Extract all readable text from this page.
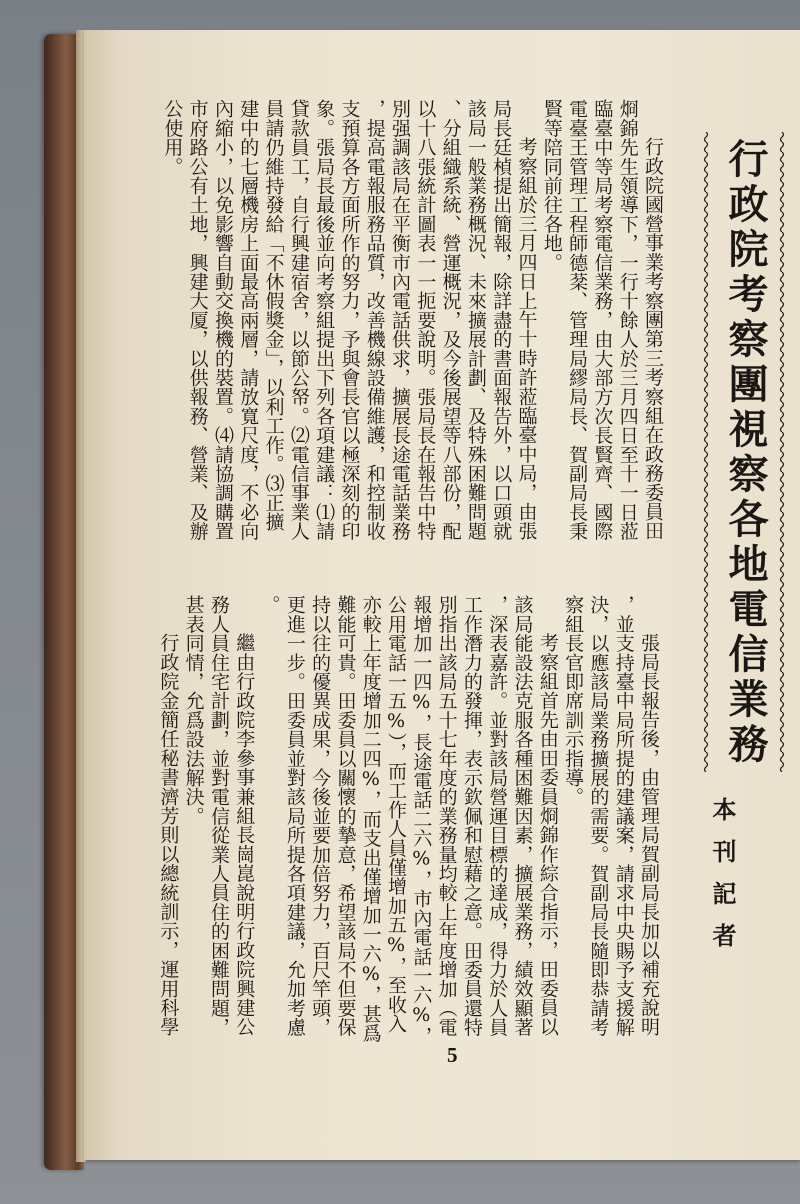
行政院考察團視察各地電信業務
本刊記者
行政院國營事業考察團第三考察組在政務委員田
烱錦先生領導下，一行十餘人於三月四日至十一日蒞
臨臺中等局考察電信業務，由大部方次長賢齊、國際
電臺王管理工程師德棻、管理局繆局長、賀副局長秉
賢等陪同前往各地。
考察組於三月四日上午十時許蒞臨臺中局，由張
局長廷楨提出簡報，除詳盡的書面報告外，以口頭就
該局一般業務概況、未來擴展計劃、及特殊困難問題
、分組織系統、營運概況，及今後展望等八部份，配
以十八張統計圖表一一扼要說明。張局長在報告中特
別强調該局在平衡市內電話供求，擴展長途電話業務
，提高電報服務品質，改善機線設備維護，和控制收
支預算各方面所作的努力，予與會長官以極深刻的印
象。張局長最後並向考察組提出下列各項建議：⑴請
貸款員工，自行興建宿舍，以節公帑。⑵電信事業人
員請仍維持發給「不休假獎金」，以利工作。⑶正擴
建中的七層機房上面最高兩層，請放寬尺度，不必向
內縮小，以免影響自動交換機的裝置。⑷請協調購置
市府路公有土地，興建大厦，以供報務、營業、及辦
公使用。
張局長報告後，由管理局賀副局長加以補充說明
，並支持臺中局所提的建議案，請求中央賜予支援解
決，以應該局業務擴展的需要。賀副局長隨即恭請考
察組長官即席訓示指導。
考察組首先由田委員烱錦作綜合指示，田委員以
該局能設法克服各種困難因素，擴展業務，績效顯著
，深表嘉許。並對該局營運目標的達成，得力於人員
工作潛力的發揮，表示欽佩和慰藉之意。田委員還特
別指出該局五十七年度的業務量均較上年度增加（電
報增加一四%，長途電話二六%，市內電話一六%，
公用電話一五%），而工作人員僅增加五%，至收入
亦較上年度增加二四%，而支出僅增加一六%，甚爲
難能可貴。田委員以關懷的摯意，希望該局不但要保
持以往的優異成果，今後並要加倍努力，百尺竿頭，
更進一步。田委員並對該局所提各項建議，允加考慮
。
繼由行政院李參事兼組長崗崑說明行政院興建公
務人員住宅計劃，並對電信從業人員住的困難問題，
甚表同情，允爲設法解決。
行政院金簡任秘書濟芳則以總統訓示，運用科學
5
